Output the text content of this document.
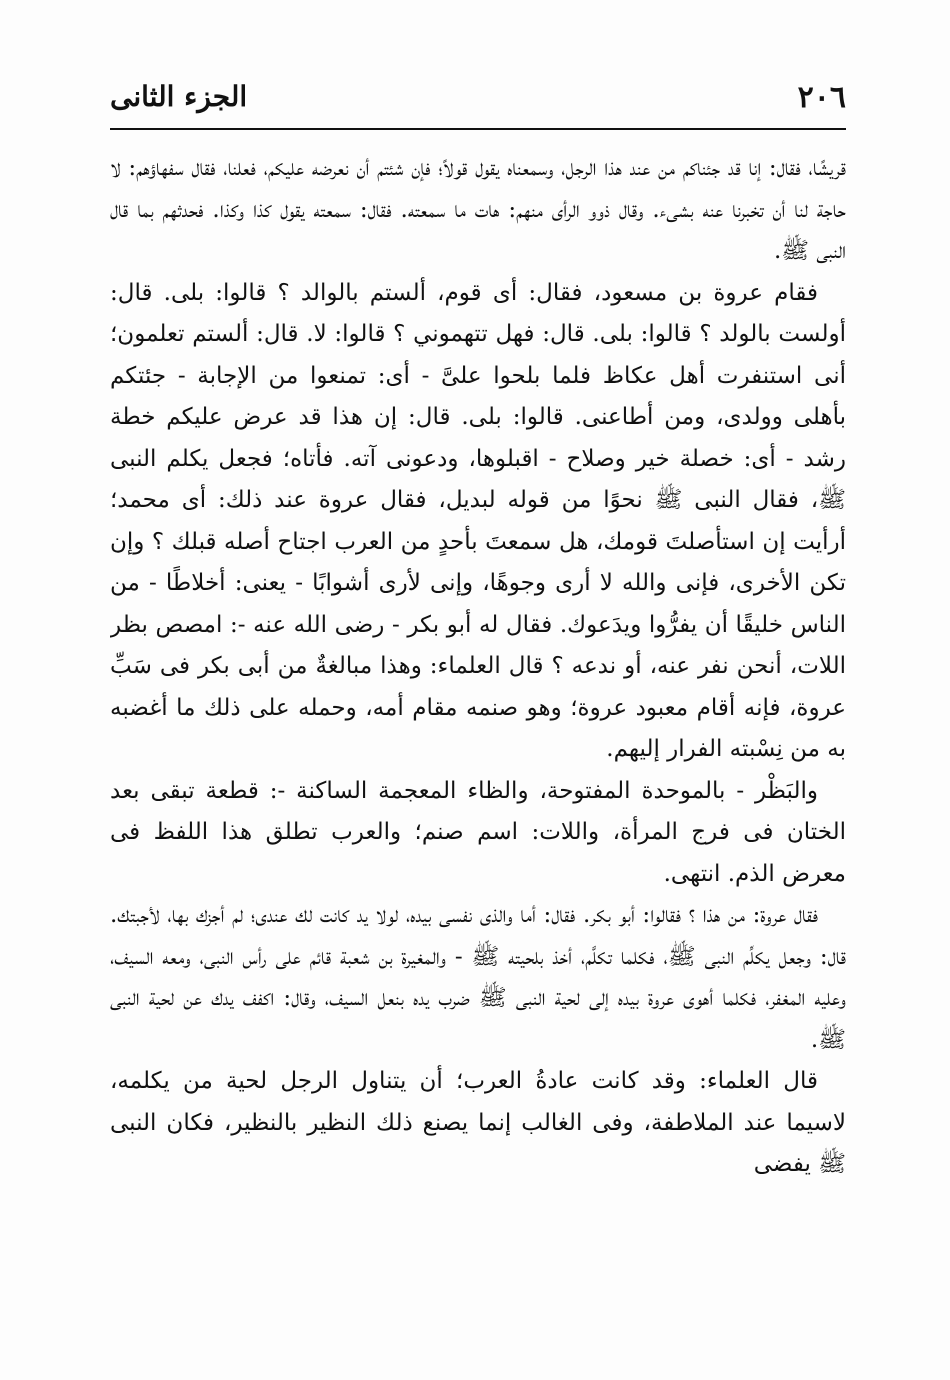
٢٠٦
الجزء الثانى

قريشًا، فقال: إنا قد جئناكم من عند هذا الرجل، وسمعناه يقول قولاً؛ فإن شئتم أن نعرضه عليكم، فعلنا، فقال سفهاؤهم: لا حاجة لنا أن تخبرنا عنه بشىء. وقال ذوو الرأى منهم: هات ما سمعته. فقال: سمعته يقول كذا وكذا. فحدثهم بما قال النبى ﷺ.

فقام عروة بن مسعود، فقال: أى قوم، ألستم بالوالد ؟ قالوا: بلى. قال: أولست بالولد ؟ قالوا: بلى. قال: فهل تتهموني ؟ قالوا: لا. قال: ألستم تعلمون؛ أنى استنفرت أهل عكاظ فلما بلحوا علىَّ - أى: تمنعوا من الإجابة - جئتكم بأهلى وولدى، ومن أطاعنى. قالوا: بلى. قال: إن هذا قد عرض عليكم خطة رشد - أى: خصلة خير وصلاح - اقبلوها، ودعونى آته. فأتاه؛ فجعل يكلم النبى ﷺ، فقال النبى ﷺ نحوًا من قوله لبديل، فقال عروة عند ذلك: أى محمد؛ أرأيت إن استأصلتَ قومك، هل سمعتَ بأحدٍ من العرب اجتاح أصله قبلك ؟ وإن تكن الأخرى، فإنى والله لا أرى وجوهًا، وإنى لأرى أشوابًا - يعنى: أخلاطًا - من الناس خليقًا أن يفرُّوا ويدَعوك. فقال له أبو بكر - رضى الله عنه -: امصص بظر اللات، أنحن نفر عنه، أو ندعه ؟ قال العلماء: وهذا مبالغةٌ من أبى بكر فى سَبِّ عروة، فإنه أقام معبود عروة؛ وهو صنمه مقام أمه، وحمله على ذلك ما أغضبه به من نِسْبته الفرار إليهم.

والبَظْر - بالموحدة المفتوحة، والظاء المعجمة الساكنة -: قطعة تبقى بعد الختان فى فرج المرأة، واللات: اسم صنم؛ والعرب تطلق هذا اللفظ فى معرض الذم. انتهى.

فقال عروة: من هذا ؟ فقالوا: أبو بكر. فقال: أما والذى نفسى بيده، لولا يد كانت لك عندى؛ لم أجزك بها، لأجبتك. قال: وجعل يكلِّم النبى ﷺ، فكلما تكلَّم، أخذ بلحيته ﷺ - والمغيرة بن شعبة قائم على رأس النبى، ومعه السيف، وعليه المغفر، فكلما أهوى عروة بيده إلى لحية النبى ﷺ ضرب يده بنعل السيف، وقال: اكفف يدك عن لحية النبى ﷺ.

قال العلماء: وقد كانت عادةُ العرب؛ أن يتناول الرجل لحية من يكلمه، لاسيما عند الملاطفة، وفى الغالب إنما يصنع ذلك النظير بالنظير، فكان النبى ﷺ يفضى
